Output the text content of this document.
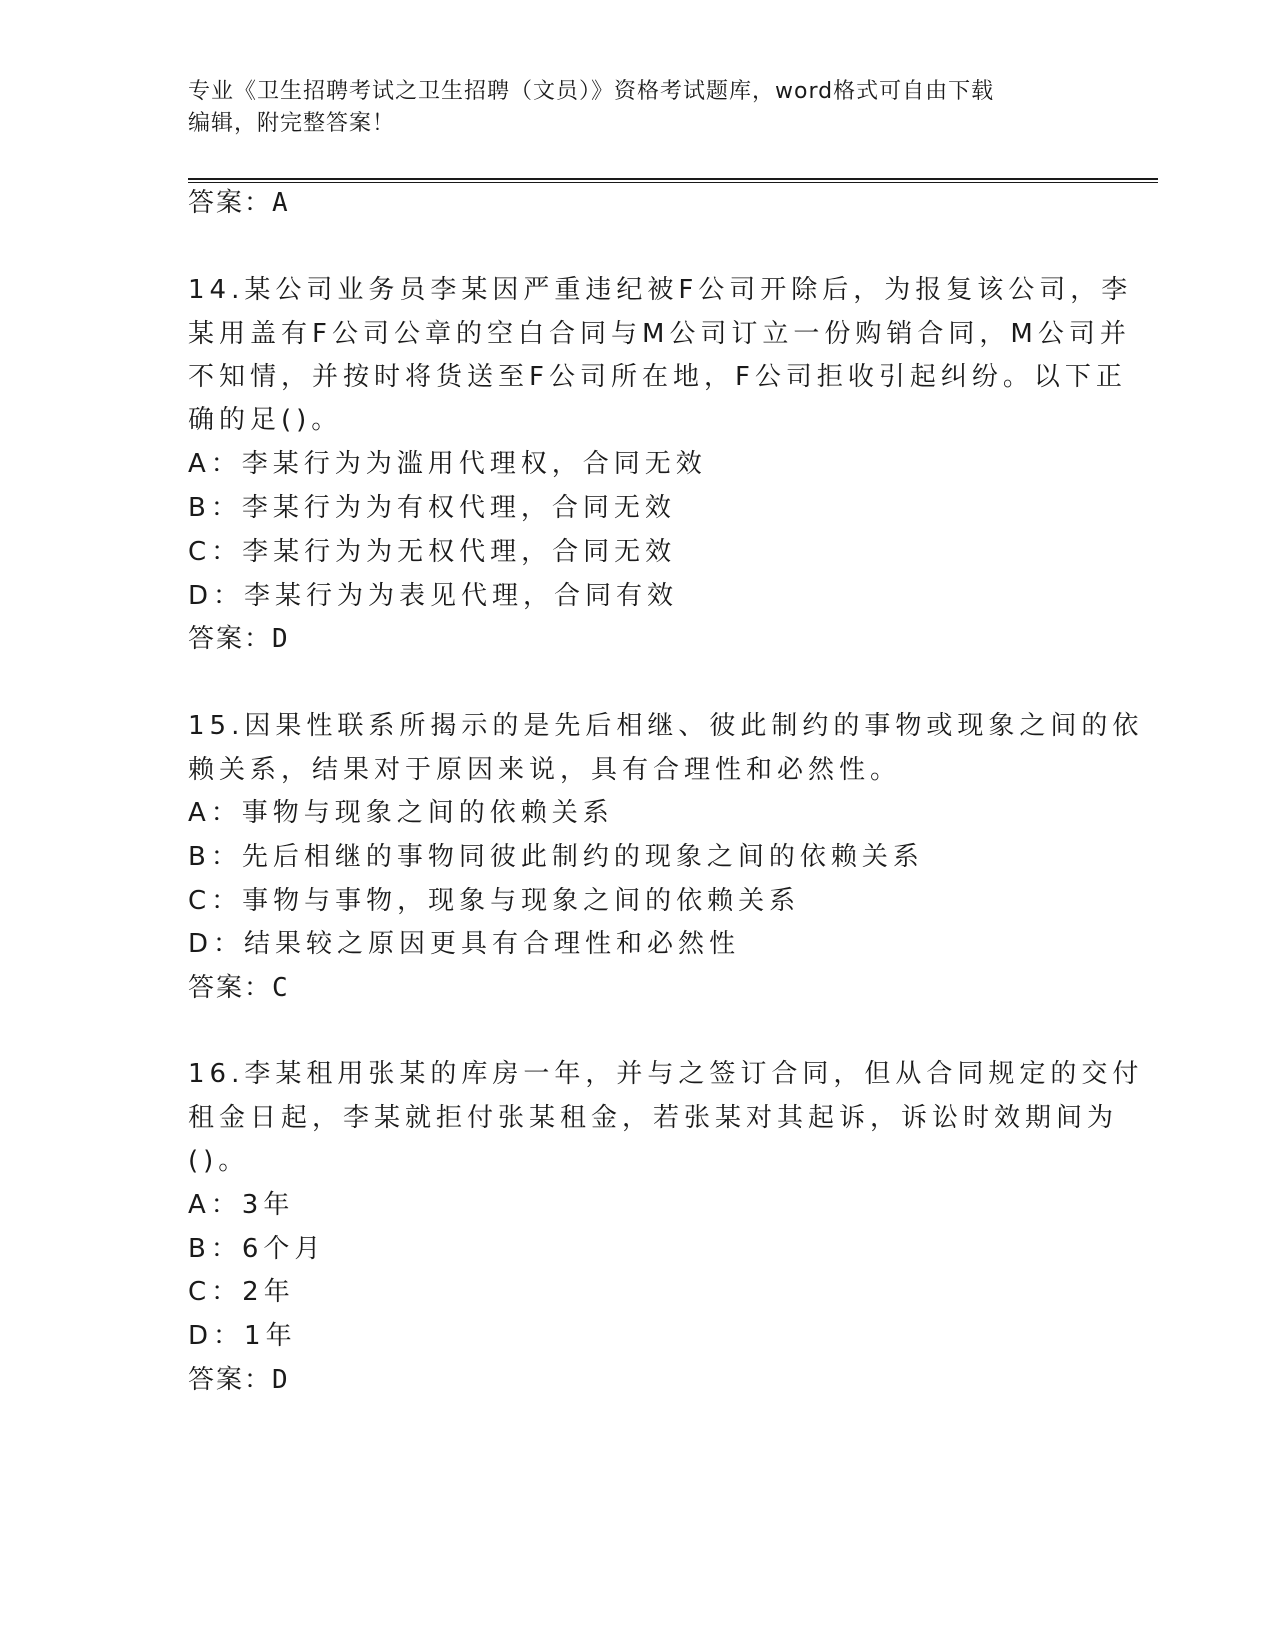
专业《卫生招聘考试之卫生招聘（文员）》资格考试题库，word格式可自由下载
编辑，附完整答案！
答案：A
14.某公司业务员李某因严重违纪被F公司开除后，为报复该公司，李
某用盖有F公司公章的空白合同与M公司订立一份购销合同，M公司并
不知情，并按时将货送至F公司所在地，F公司拒收引起纠纷。以下正
确的足()。
A：李某行为为滥用代理权，合同无效
B：李某行为为有权代理，合同无效
C：李某行为为无权代理，合同无效
D：李某行为为表见代理，合同有效
答案：D
15.因果性联系所揭示的是先后相继、彼此制约的事物或现象之间的依
赖关系，结果对于原因来说，具有合理性和必然性。
A：事物与现象之间的依赖关系
B：先后相继的事物同彼此制约的现象之间的依赖关系
C：事物与事物，现象与现象之间的依赖关系
D：结果较之原因更具有合理性和必然性
答案：C
16.李某租用张某的库房一年，并与之签订合同，但从合同规定的交付
租金日起，李某就拒付张某租金，若张某对其起诉，诉讼时效期间为
()。
A：3年
B：6个月
C：2年
D：1年
答案：D
